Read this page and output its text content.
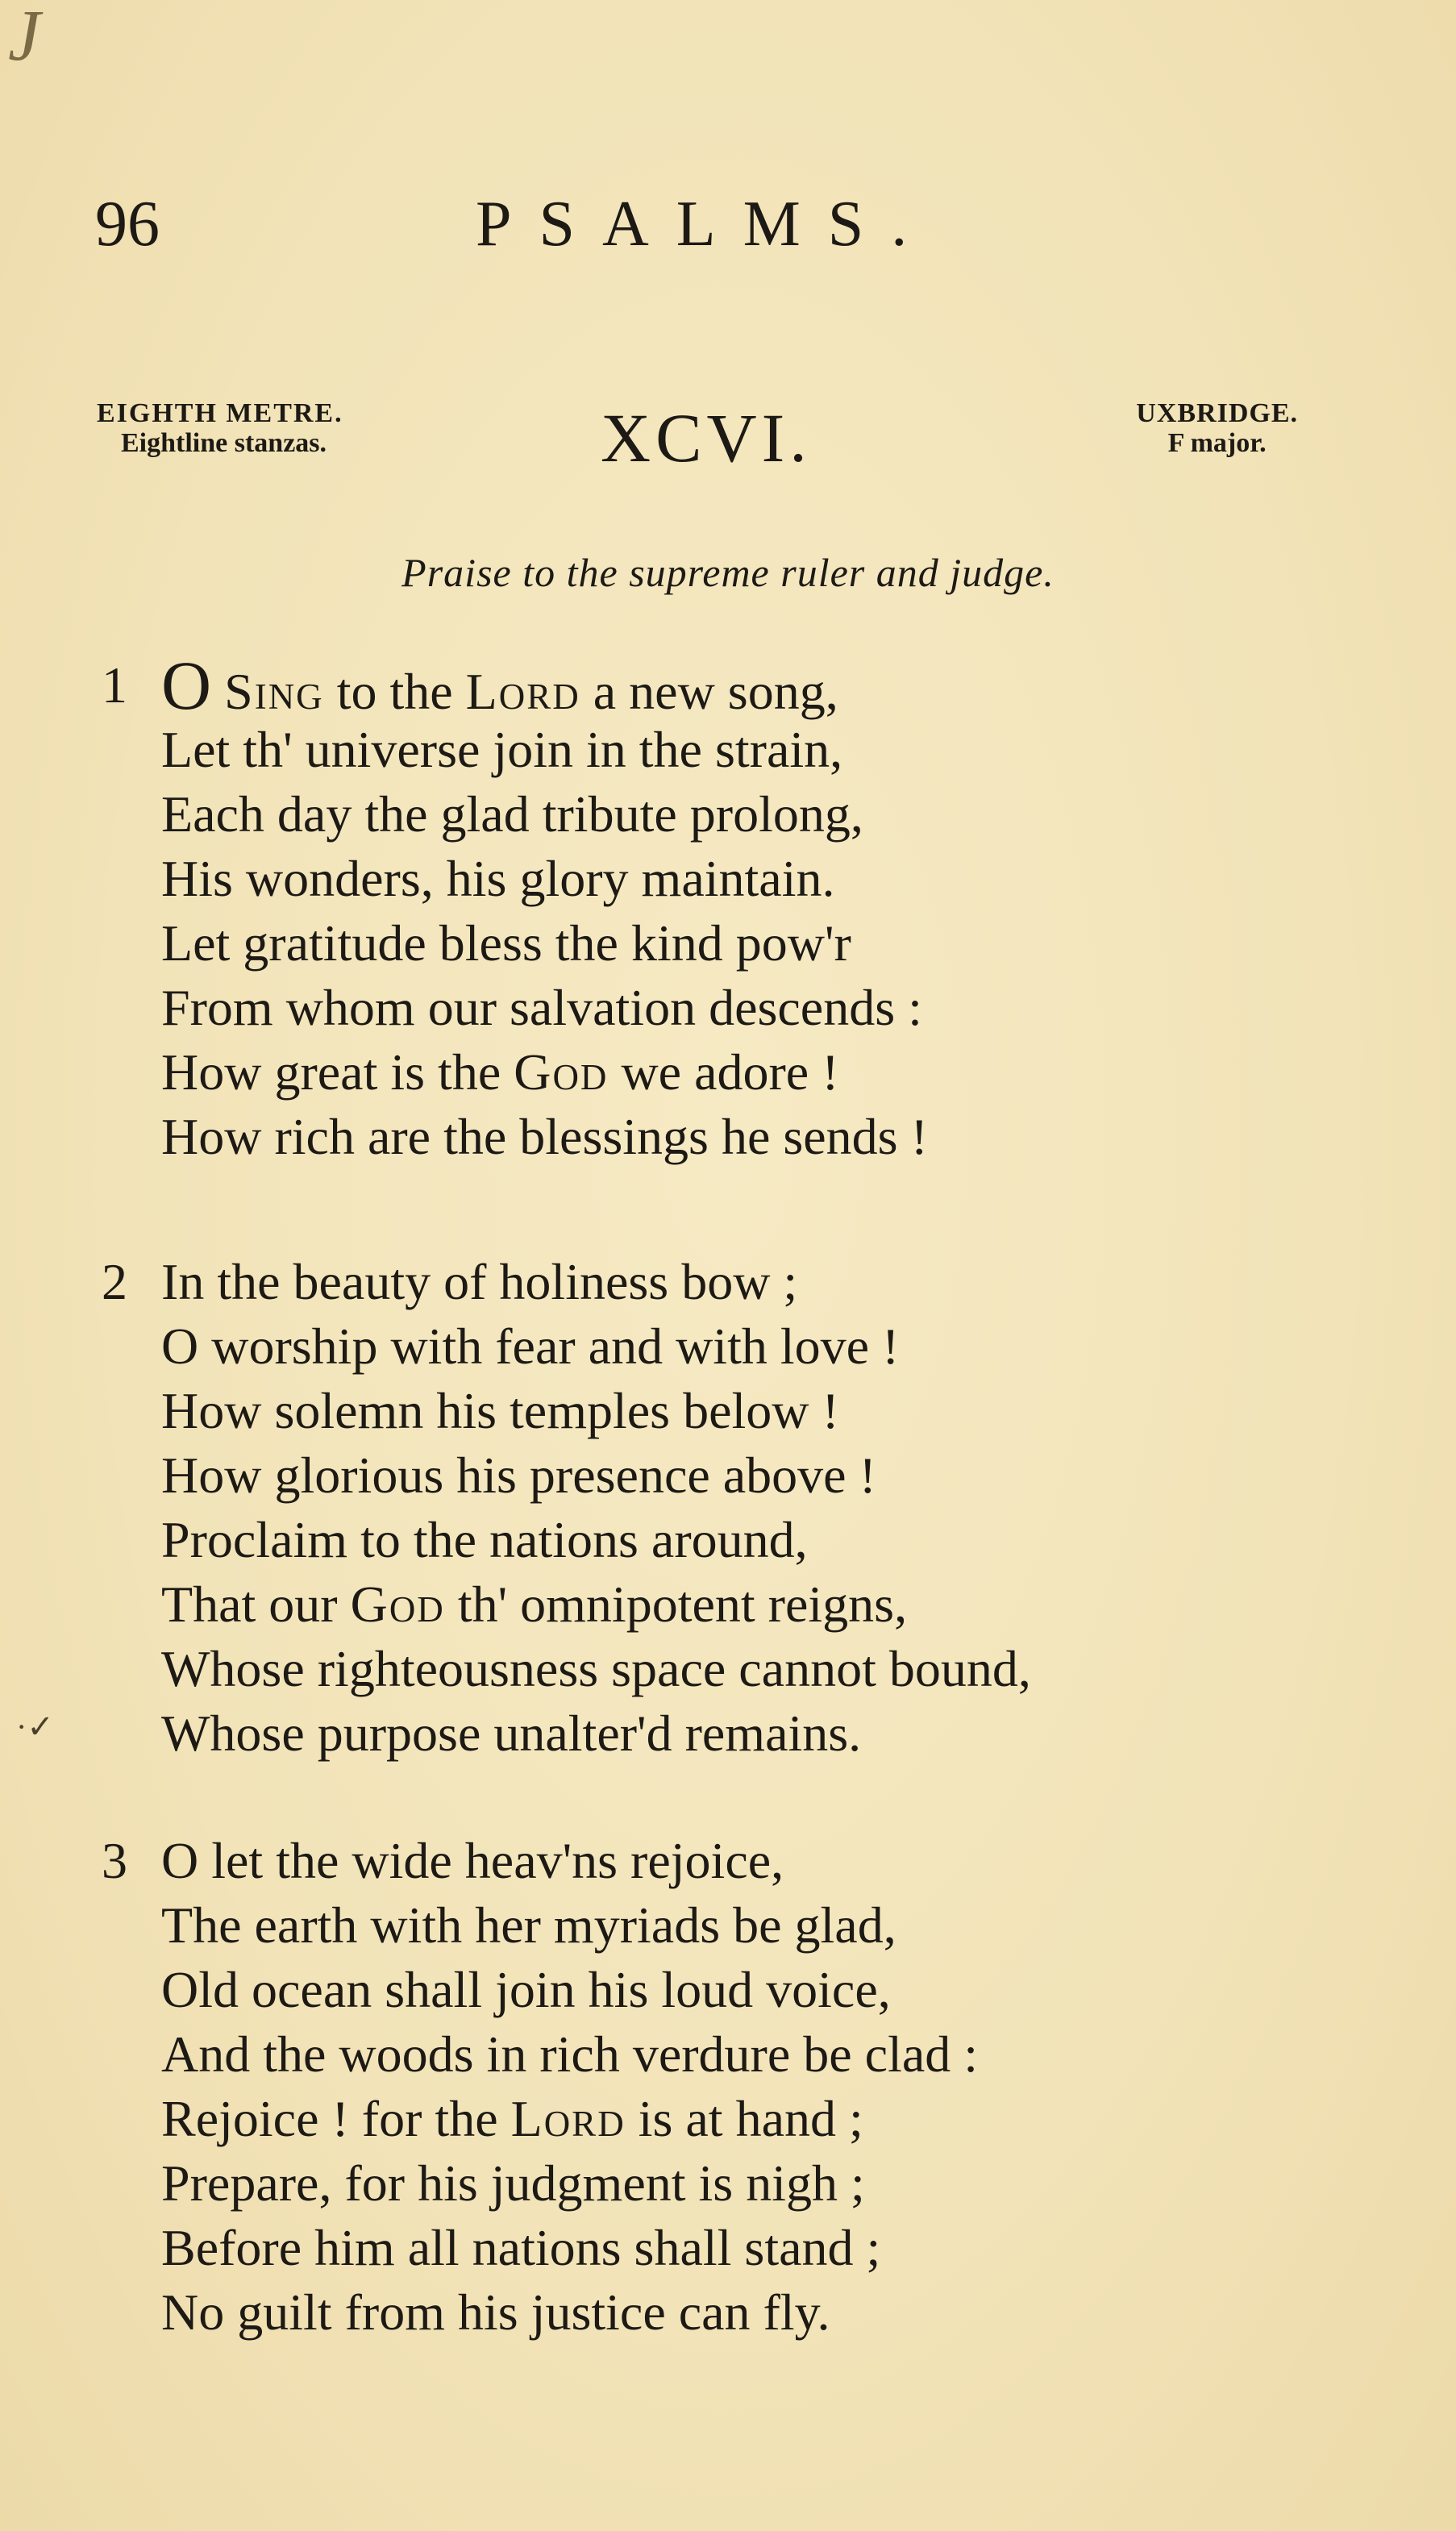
J
96	PSALMS.
EIGHTH METRE.
Eightline stanzas.	XCVI.	UXBRIDGE.
F major.
Praise to the supreme ruler and judge.
1 O Sing to the Lord a new song,
Let th' universe join in the strain,
Each day the glad tribute prolong,
His wonders, his glory maintain.
Let gratitude bless the kind pow'r
From whom our salvation descends :
How great is the God we adore !
How rich are the blessings he sends !
2 In the beauty of holiness bow ;
O worship with fear and with love !
How solemn his temples below !
How glorious his presence above !
Proclaim to the nations around,
That our God th' omnipotent reigns,
Whose righteousness space cannot bound,
Whose purpose unalter'd remains.
·✓
3 O let the wide heav'ns rejoice,
The earth with her myriads be glad,
Old ocean shall join his loud voice,
And the woods in rich verdure be clad :
Rejoice ! for the Lord is at hand ;
Prepare, for his judgment is nigh ;
Before him all nations shall stand ;
No guilt from his justice can fly.
